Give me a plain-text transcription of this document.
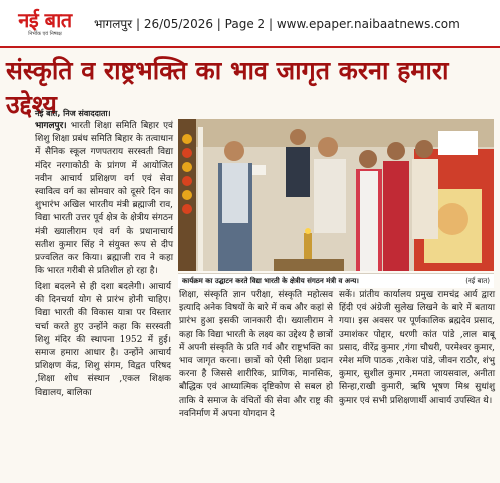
नई बात
निर्भीक एवं निष्पक्ष
भागलपुर | 26/05/2026 | Page 2 | www.epaper.naibaatnews.com
संस्कृति व राष्ट्रभक्ति का भाव जागृत करना हमारा उद्देश्य
नई बात, निज संवाददाता।

भागलपुर। भारती शिक्षा समिति बिहार एवं शिशु शिक्षा प्रबंध समिति बिहार के तत्वाधान में सैनिक स्कूल गणपतराय सरस्वती विद्या मंदिर नरगाकोठी के प्रांगण में आयोजित नवीन आचार्य प्रशिक्षण वर्ग एवं सेवा स्वावित्व वर्ग का सोमवार को दूसरे दिन का शुभारंभ अखिल भारतीय मंत्री ब्रह्माजी राव, विद्या भारती उत्तर पूर्व क्षेत्र के क्षेत्रीय संगठन मंत्री ख्यालीराम एवं वर्ग के प्रधानाचार्य सतीश कुमार सिंह ने संयुक्त रूप से दीप प्रज्वलित कर किया। ब्रह्माजी राव ने कहा कि भारत गरीबी से प्रतिशील हो रहा है।

कार्यक्रम का उद्घाटन करते विद्या भारती के क्षेत्रीय संगठन मंत्री व अन्य।	(नई बात)

दिशा बदलने से ही दशा बदलेगी। आचार्य की दिनचर्या योग से प्रारंभ होनी चाहिए। विद्या भारती की विकास यात्रा पर विस्तार चर्चा करते हुए उन्होंने कहा कि सरस्वती शिशु मंदिर की स्थापना 1952 में हुई। समाज हमारा आधार है। उन्होंने आचार्य प्रशिक्षण केंद्र, शिशु संगम, विद्वत परिषद ,शिक्षा शोध संस्थान ,एकल शिक्षक विद्यालय, बालिका

शिक्षा, संस्कृति ज्ञान परीक्षा, संस्कृति महोत्सव इत्यादि अनेक विषयों के बारे में कब और कहां से प्रारंभ हुआ इसकी जानकारी दी। ख्यालीराम ने कहा कि विद्या भारती के लक्ष्य का उद्देश्य है छात्रों में अपनी संस्कृति के प्रति गर्व और राष्ट्रभक्ति का भाव जागृत करना। छात्रों को ऐसी शिक्षा प्रदान करना है जिससे शारीरिक, प्राणिक, मानसिक, बौद्धिक एवं आध्यात्मिक दृष्टिकोण से सबल हो ताकि वे समाज के वंचितों की सेवा और राष्ट्र की नवनिर्माण में अपना योगदान दे

सकें। प्रांतीय कार्यालय प्रमुख रामचंद्र आर्य द्वारा हिंदी एवं अंग्रेजी सुलेख लिखने के बारे में बताया गया। इस अवसर पर पूर्णकालिक ब्रह्मदेव प्रसाद, उमाशंकर पोद्दार, धरणी कांत पांडे ,लाल बाबू प्रसाद, वीरेंद्र कुमार ,गंगा चौधरी, परमेश्वर कुमार, रमेश मणि पाठक ,राकेश पांडे, जीवन राठौर, शंभु कुमार, सुशील कुमार ,ममता जायसवाल, अनीता सिन्हा,राखी कुमारी, ऋषि भूषण मिश्र सुधांशु कुमार एवं सभी प्रशिक्षणार्थी आचार्य उपस्थित थे।
